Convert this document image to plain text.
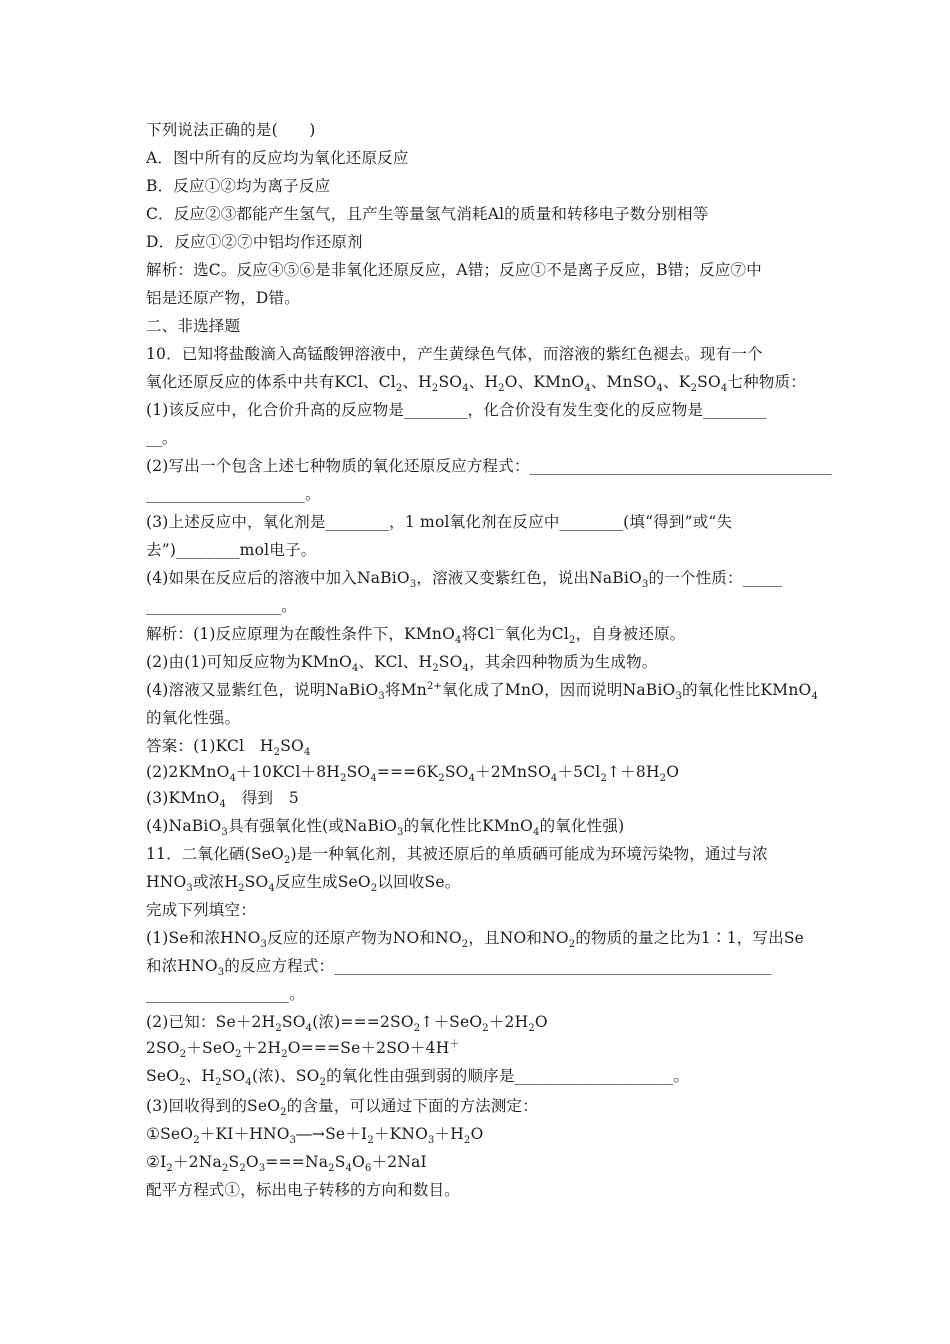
下列说法正确的是(　　)
A．图中所有的反应均为氧化还原反应
B．反应①②均为离子反应
C．反应②③都能产生氢气，且产生等量氢气消耗Al的质量和转移电子数分别相等
D．反应①②⑦中铝均作还原剂
解析：选C。反应④⑤⑥是非氧化还原反应，A错；反应①不是离子反应，B错；反应⑦中
铝是还原产物，D错。
二、非选择题
10．已知将盐酸滴入高锰酸钾溶液中，产生黄绿色气体，而溶液的紫红色褪去。现有一个
氧化还原反应的体系中共有KCl、$Cl_2$、$H_2SO_4$、$H_2O$、KMnO$_4$、MnSO$_4$、$K_2SO_4$七种物质：
(1)该反应中，化合价升高的反应物是________，化合价没有发生变化的反应物是________
__。
(2)写出一个包含上述七种物质的氧化还原反应方程式：______________________________________
____________________。
(3)上述反应中，氧化剂是________，1 mol氧化剂在反应中________(填“得到”或“失
去”)________mol电子。
(4)如果在反应后的溶液中加入NaBiO$_3$，溶液又变紫红色，说出NaBiO$_3$的一个性质：_____
_________________。
解析：(1)反应原理为在酸性条件下，KMnO$_4$将Cl－氧化为$Cl_2$，自身被还原。
(2)由(1)可知反应物为KMnO$_4$、KCl、$H_2SO_4$，其余四种物质为生成物。
(4)溶液又显紫红色，说明NaBiO$_3$将$Mn^{2+}$氧化成了MnO，因而说明NaBiO$_3$的氧化性比KMnO$_4$
的氧化性强。
答案：(1)KCl　$H_2SO_4$
$(2)2KMnO_4+10KCl+8H_2SO_4===6K_2SO_4+2MnSO_4+5Cl_2↑+8H_2O$
(3)KMnO$_4$　得到　5
(4)NaBiO$_3$具有强氧化性(或NaBiO$_3$的氧化性比KMnO$_4$的氧化性强)
11．二氧化硒(SeO$_2$)是一种氧化剂，其被还原后的单质硒可能成为环境污染物，通过与浓
$HNO_3$或浓$H_2SO_4$反应生成SeO$_2$以回收Se。
完成下列填空：
(1)Se和浓$HNO_3$反应的还原产物为NO和$NO_2$，且NO和$NO_2$的物质的量之比为1∶1，写出Se
和浓$HNO_3$的反应方程式：_______________________________________________________
__________________。
(2)已知：$Se+2H_2SO_4$(浓)$===2SO_2↑+SeO_2+2H_2O$
$2SO_2+SeO_2+2H_2O===Se+2SO+4H^+$
SeO$_2$、$H_2SO_4$(浓)、$SO_2$的氧化性由强到弱的顺序是____________________。
(3)回收得到的SeO$_2$的含量，可以通过下面的方法测定：
$①SeO_2+KI+HNO_3―\to Se+I_2+KNO_3+H_2O$
$②I_2+2Na_2S_2O_3===Na_2S_4O_6+2NaI$
配平方程式①，标出电子转移的方向和数目。
